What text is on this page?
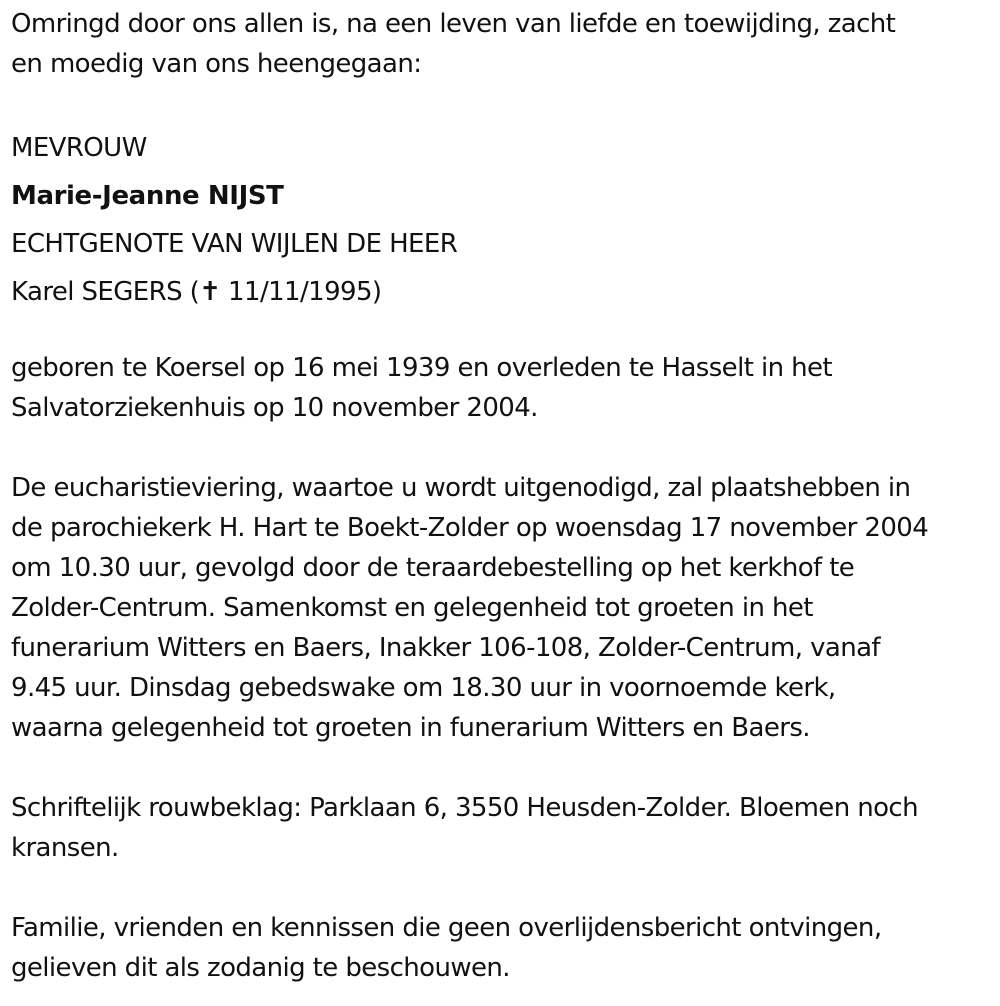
Omringd door ons allen is, na een leven van liefde en toewijding, zacht
en moedig van ons heengegaan:

MEVROUW
Marie-Jeanne NIJST
ECHTGENOTE VAN WIJLEN DE HEER
Karel SEGERS (✝ 11/11/1995)

geboren te Koersel op 16 mei 1939 en overleden te Hasselt in het
Salvatorziekenhuis op 10 november 2004.

De eucharistieviering, waartoe u wordt uitgenodigd, zal plaatshebben in
de parochiekerk H. Hart te Boekt-Zolder op woensdag 17 november 2004
om 10.30 uur, gevolgd door de teraardebestelling op het kerkhof te
Zolder-Centrum. Samenkomst en gelegenheid tot groeten in het
funerarium Witters en Baers, Inakker 106-108, Zolder-Centrum, vanaf
9.45 uur. Dinsdag gebedswake om 18.30 uur in voornoemde kerk,
waarna gelegenheid tot groeten in funerarium Witters en Baers.

Schriftelijk rouwbeklag: Parklaan 6, 3550 Heusden-Zolder. Bloemen noch
kransen.

Familie, vrienden en kennissen die geen overlijdensbericht ontvingen,
gelieven dit als zodanig te beschouwen.
